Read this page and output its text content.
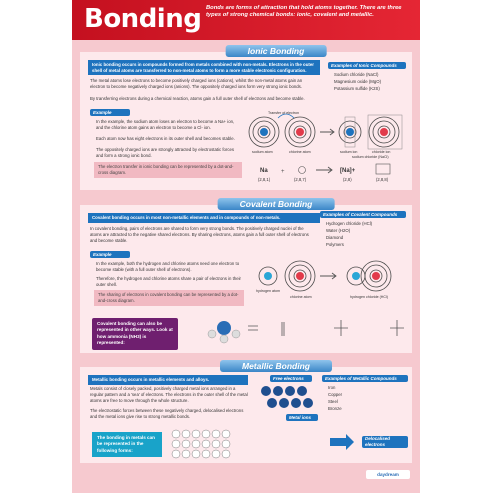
Bonding Bonds are forms of attraction that hold atoms together. There are three types of strong chemical bonds: ionic, covalent and metallic.
Ionic Bonding
Ionic bonding occurs in compounds formed from metals combined with non-metals. Electrons in the outer shell of metal atoms are transferred to non-metal atoms to form a more stable electronic configuration.
The metal atoms lose electrons to become positively charged ions (cations), whilst the non-metal atoms gain an electron to become negatively charged ions (anions). The oppositely charged ions form very strong ionic bonds.
By transferring electrons during a chemical reaction, atoms gain a full outer shell of electrons and become stable.
Examples of Ionic Compounds
Sodium chloride (NaCl)
Magnesium oxide (MgO)
Potassium sulfide (K2S)
Example
In the example, the sodium atom loses an electron to become a Na+ ion, and the chlorine atom gains an electron to become a Cl- ion.
Each atom now has eight electrons in its outer shell and becomes stable.
The oppositely charged ions are strongly attracted by electrostatic forces and form a strong ionic bond.
The electron transfer in ionic bonding can be represented by a dot-and-cross diagram.
Transfer of electron
sodium atom	chlorine atom	sodium ion	chloride ion
sodium chloride (NaCl)
Na
(2,8,1)
+
(2,8,7)
[Na]+
(2,8)	(2,8,8)
Covalent Bonding
Covalent bonding occurs in most non-metallic elements and in compounds of non-metals.
In covalent bonding, pairs of electrons are shared to form very strong bonds. The positively charged nuclei of the atoms are attracted to the negative shared electrons. By sharing electrons, atoms gain a full outer shell of electrons and become stable.
Examples of Covalent Compounds
Hydrogen chloride (HCl)
Water (H2O)
Diamond
Polymers
Example
In the example, both the hydrogen and chlorine atoms need one electron to become stable (with a full outer shell of electrons).
Therefore, the hydrogen and chlorine atoms share a pair of electrons in their outer shell.
The sharing of electrons in covalent bonding can be represented by a dot-and-cross diagram.
hydrogen atom
chlorine atom	hydrogen chloride (HCl)
Covalent bonding can also be represented in other ways. Look at how ammonia (NH3) is represented:
Metallic Bonding
Metallic bonding occurs in metallic elements and alloys.
Metals consist of closely packed, positively charged metal ions arranged in a regular pattern and a 'sea' of electrons. The electrons in the outer shell of the metal atoms are free to move through the whole structure.
The electrostatic forces between these negatively charged, delocalised electrons and the metal ions give rise to strong metallic bonds.
Free electrons
Metal ions
Examples of Metallic Compounds
Iron
Copper
Steel
Bronze
The bonding in metals can be represented in the following forms:
Delocalised electrons
daydream
